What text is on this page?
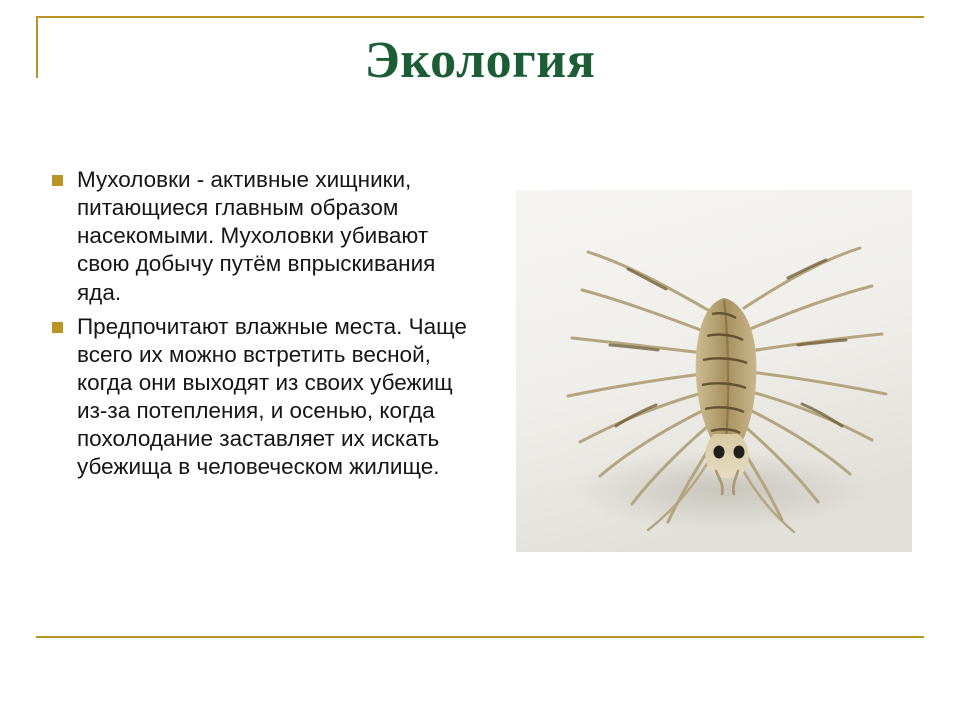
Экология
Мухоловки - активные хищники, питающиеся главным образом насекомыми. Мухоловки убивают свою добычу путём впрыскивания яда.
Предпочитают влажные места. Чаще всего их можно встретить весной, когда они выходят из своих убежищ из-за потепления, и осенью, когда похолодание заставляет их искать убежища в человеческом жилище.
